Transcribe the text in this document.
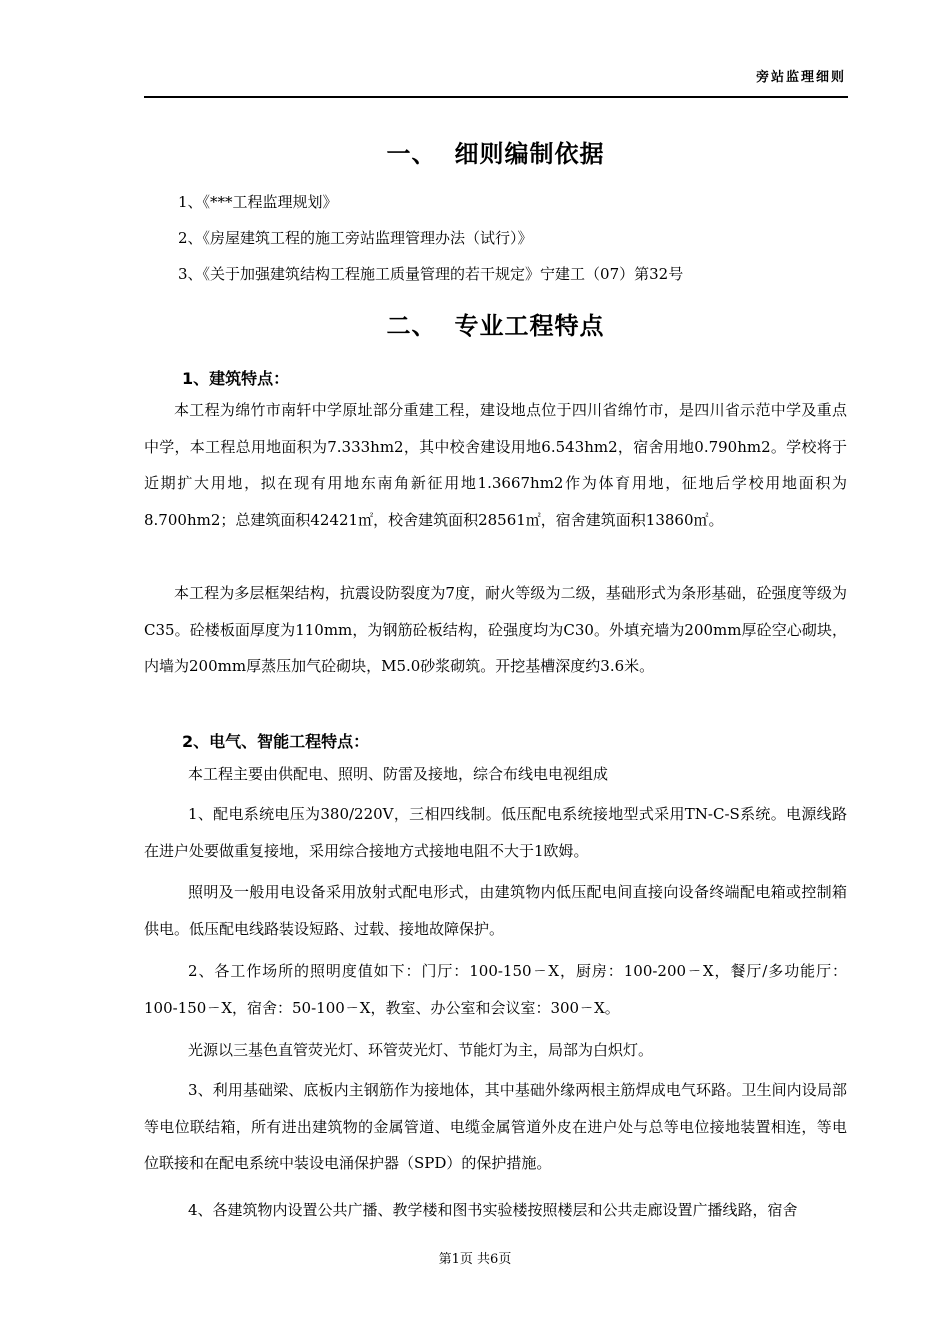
旁站监理细则
一、 细则编制依据

1、《***工程监理规划》

2、《房屋建筑工程的施工旁站监理管理办法（试行）》

3、《关于加强建筑结构工程施工质量管理的若干规定》宁建工（07）第32号

二、 专业工程特点
1、建筑特点：

本工程为绵竹市南轩中学原址部分重建工程，建设地点位于四川省绵竹市，是四川省示范中学及重点中学，本工程总用地面积为7.333hm2，其中校舍建设用地6.543hm2，宿舍用地0.790hm2。学校将于近期扩大用地，拟在现有用地东南角新征用地1.3667hm2作为体育用地，征地后学校用地面积为8.700hm2；总建筑面积42421㎡，校舍建筑面积28561㎡，宿舍建筑面积13860㎡。

本工程为多层框架结构，抗震设防裂度为7度，耐火等级为二级，基础形式为条形基础，砼强度等级为C35。砼楼板面厚度为110mm，为钢筋砼板结构，砼强度均为C30。外填充墙为200mm厚砼空心砌块，内墙为200mm厚蒸压加气砼砌块，M5.0砂浆砌筑。开挖基槽深度约3.6米。

2、电气、智能工程特点：

本工程主要由供配电、照明、防雷及接地，综合布线电电视组成

1、配电系统电压为380/220V，三相四线制。低压配电系统接地型式采用TN-C-S系统。电源线路在进户处要做重复接地，采用综合接地方式接地电阻不大于1欧姆。

照明及一般用电设备采用放射式配电形式，由建筑物内低压配电间直接向设备终端配电箱或控制箱供电。低压配电线路装设短路、过载、接地故障保护。

2、各工作场所的照明度值如下：门厅：100-150ㄧX，厨房：100-200ㄧX，餐厅/多功能厅：100-150ㄧX，宿舍：50-100ㄧX，教室、办公室和会议室：300ㄧX。

光源以三基色直管荧光灯、环管荧光灯、节能灯为主，局部为白炽灯。

3、利用基础梁、底板内主钢筋作为接地体，其中基础外缘两根主筋焊成电气环路。卫生间内设局部等电位联结箱，所有进出建筑物的金属管道、电缆金属管道外皮在进户处与总等电位接地装置相连，等电位联接和在配电系统中装设电涌保护器（SPD）的保护措施。

4、各建筑物内设置公共广播、教学楼和图书实验楼按照楼层和公共走廊设置广播线路，宿舍

第1页 共6页
